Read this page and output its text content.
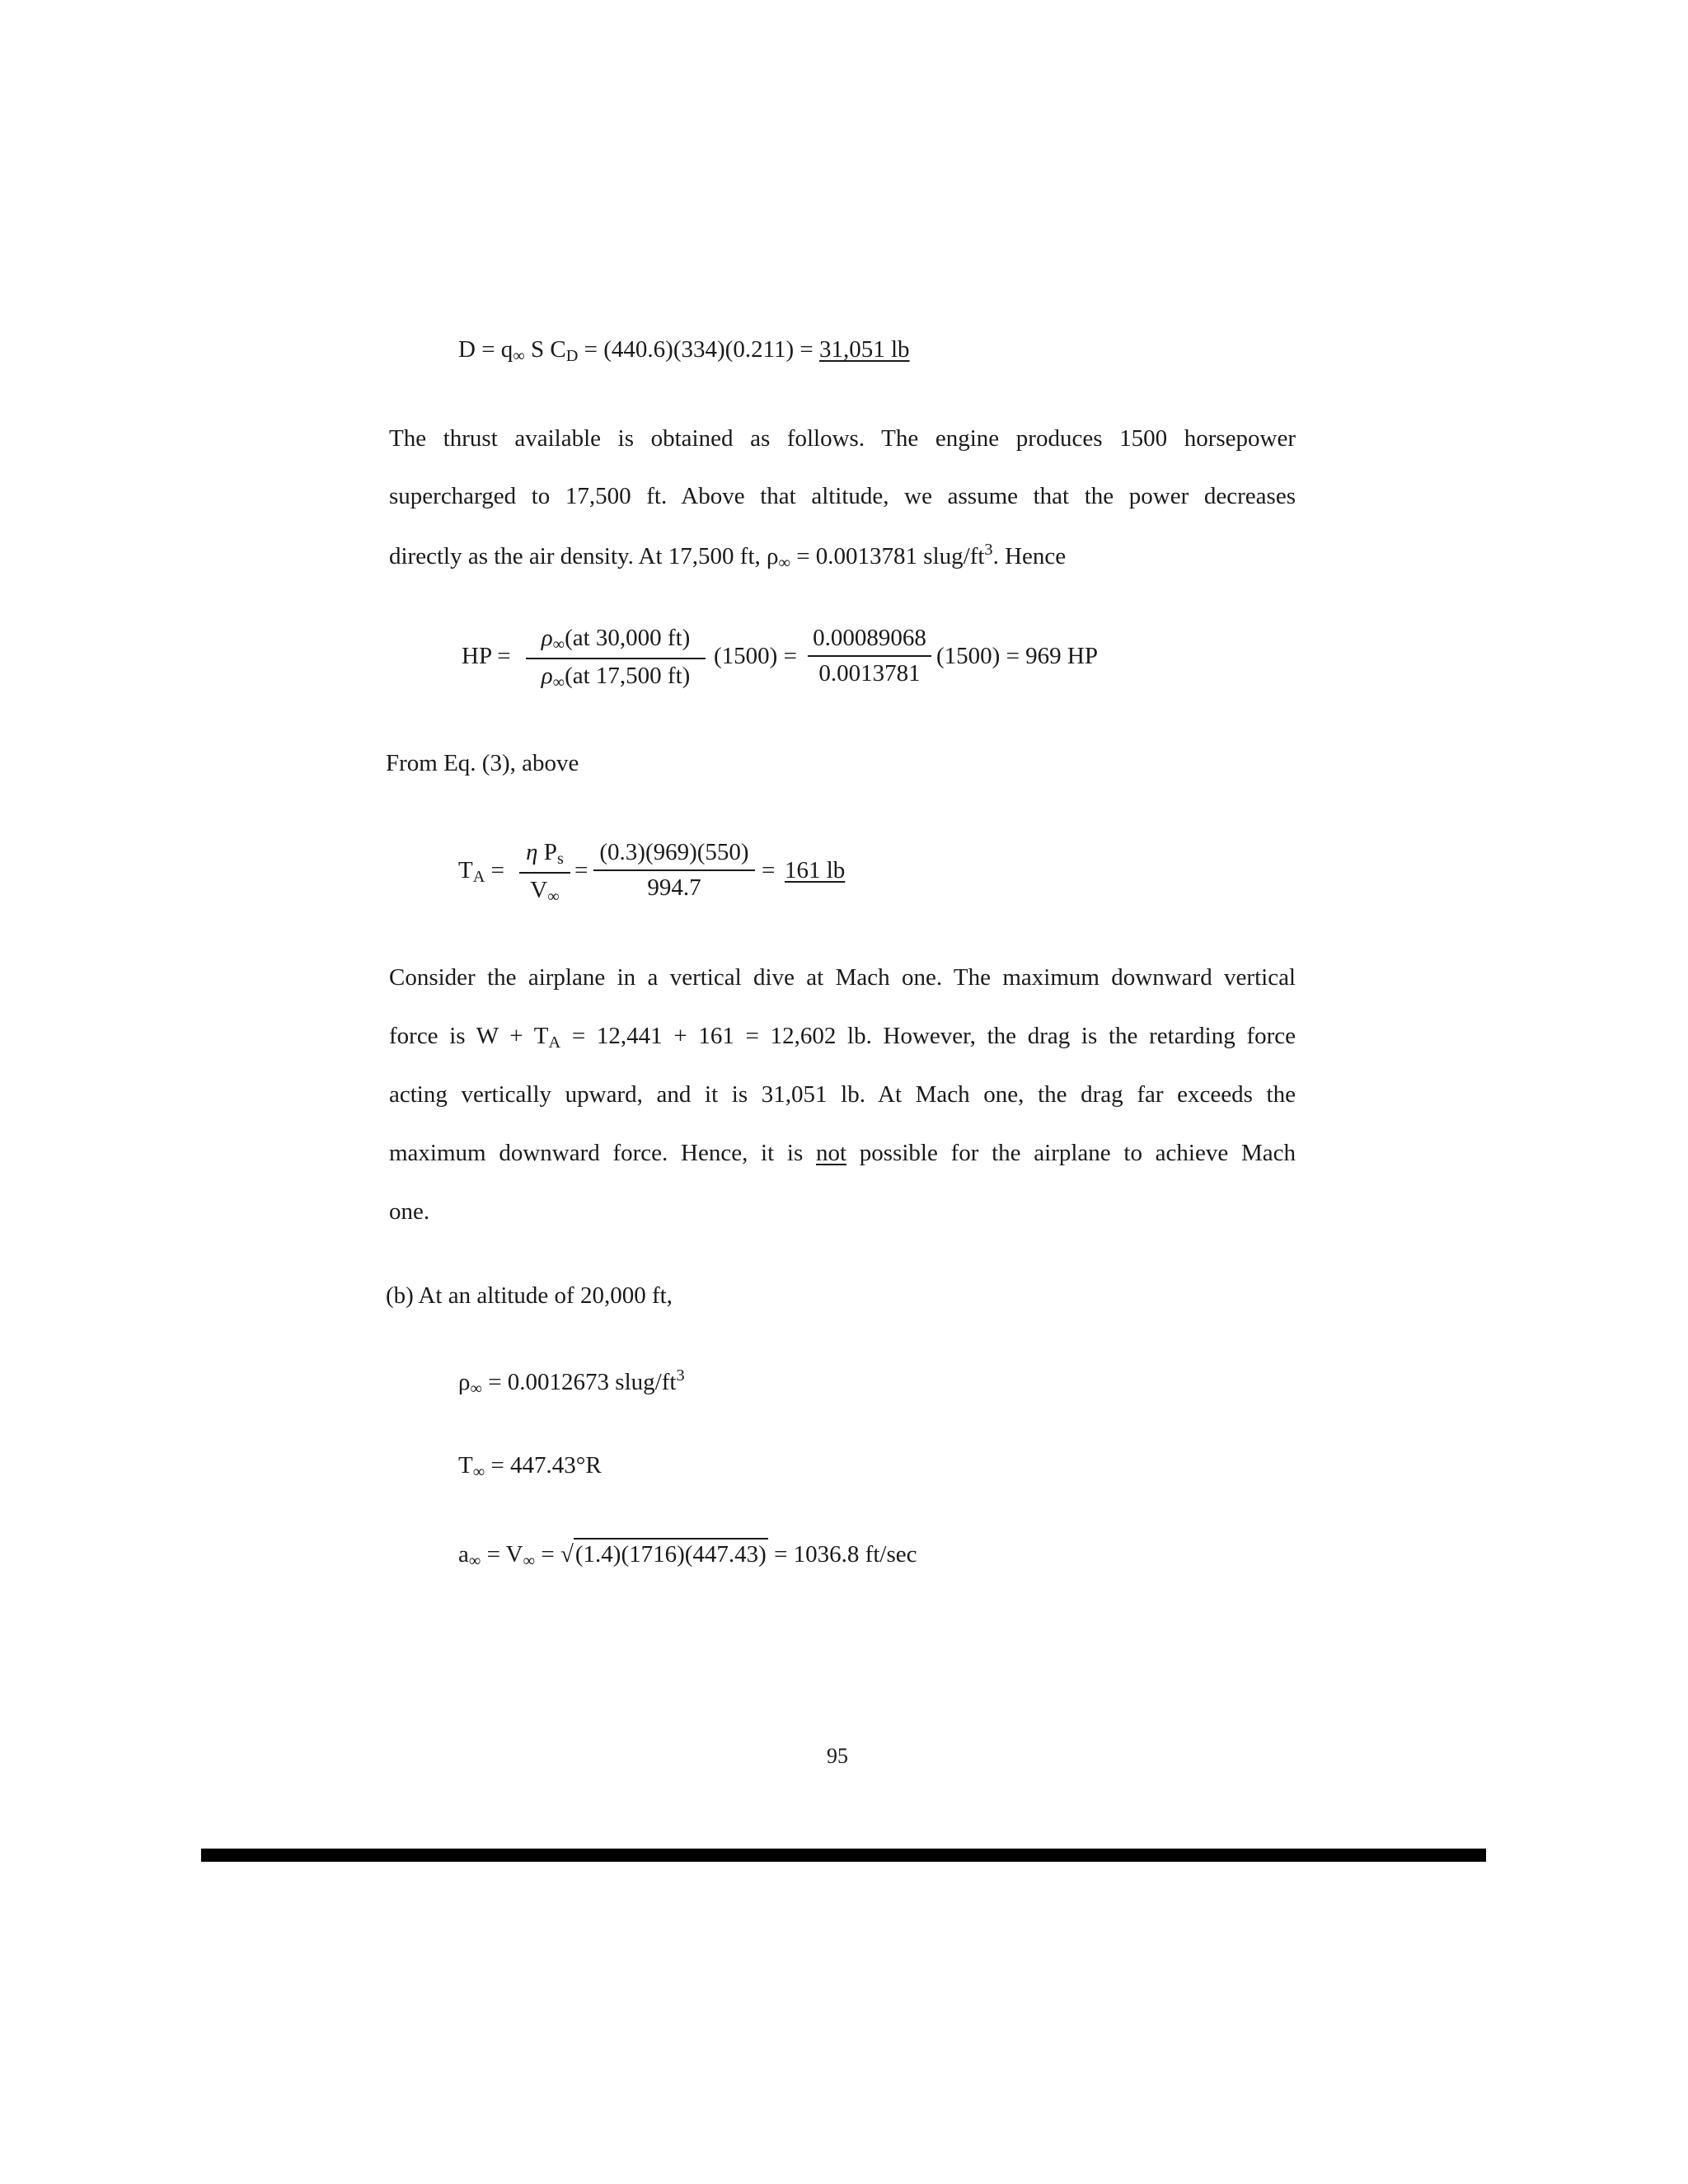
$D = q_\infty$ S $C_D = (440.6)(334)(0.211) = 31,051$ lb

The thrust available is obtained as follows. The engine produces 1500 horsepower

supercharged to 17,500 ft. Above that altitude, we assume that the power decreases

directly as the air density. At 17,500 ft, $\rho_\infty = 0.0013781$ slug/$ft^3$. Hence

HP = $\frac{\rho_\infty(at 30,000 ft)}{\rho_\infty(at 17,500 ft)} (1500) = \frac{0.00089068}{0.0013781} (1500) = 969$ HP
From Eq. (3), above
$T_A = \frac{\eta P_s}{V_\infty} = \frac{(0.3)(969)(550)}{994.7} = 161$ lb

Consider the airplane in a vertical dive at Mach one. The maximum downward vertical

force is $W + T_A = 12,441 + 161 = 12,602$ lb. However, the drag is the retarding force

acting vertically upward, and it is 31,051 lb. At Mach one, the drag far exceeds the

maximum downward force. Hence, it is not possible for the airplane to achieve Mach

one.

(b) At an altitude of 20,000 ft,
$\rho_\infty = 0.0012673$ slug/$ft^3$
$T_\infty = 447.43^\circ R$
$a_\infty = V_\infty = √(1.4)(1716)(447.43) = 1036.8$ ft/sec
95
